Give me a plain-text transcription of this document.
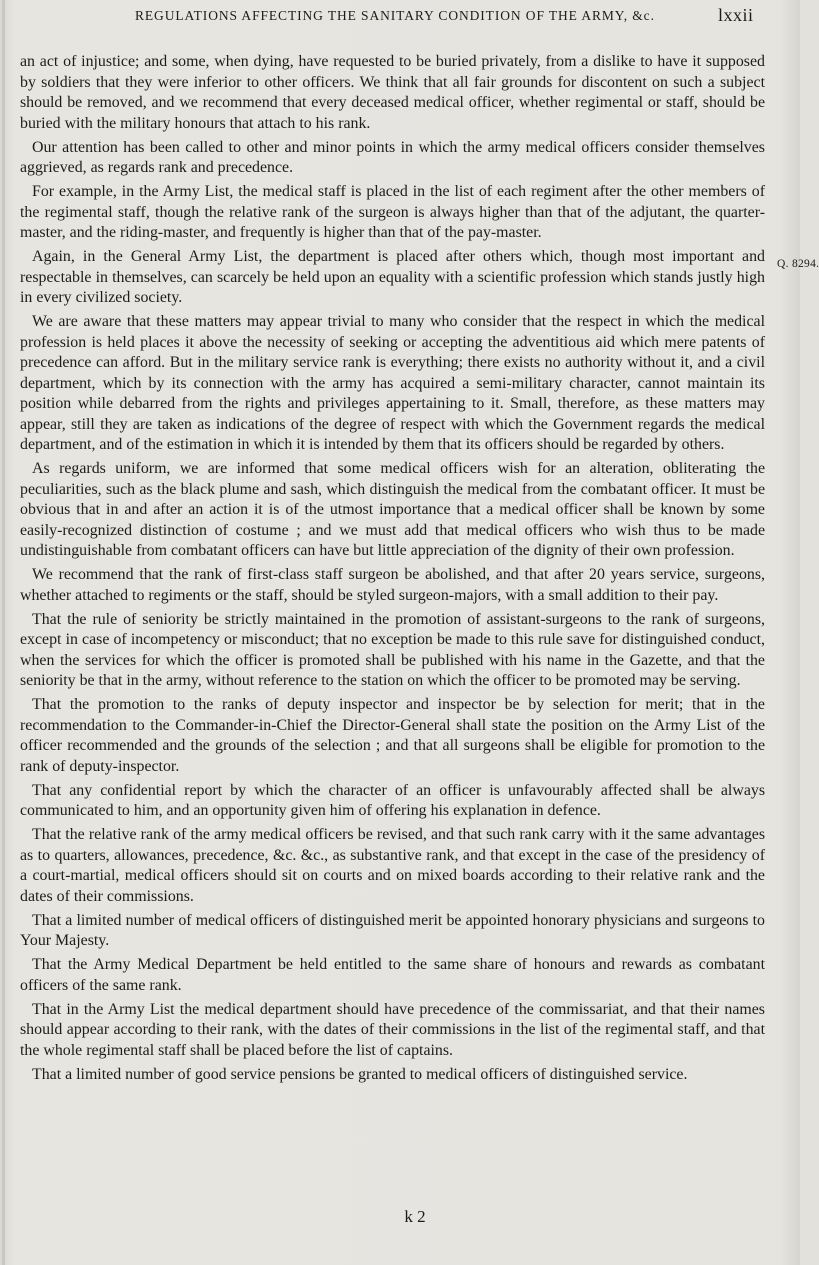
REGULATIONS AFFECTING THE SANITARY CONDITION OF THE ARMY, &c.	lxxii

an act of injustice; and some, when dying, have requested to be buried privately, from a dislike to have it supposed by soldiers that they were inferior to other officers. We think that all fair grounds for discontent on such a subject should be removed, and we recommend that every deceased medical officer, whether regimental or staff, should be buried with the military honours that attach to his rank.

Our attention has been called to other and minor points in which the army medical officers consider themselves aggrieved, as regards rank and precedence.

For example, in the Army List, the medical staff is placed in the list of each regiment after the other members of the regimental staff, though the relative rank of the surgeon is always higher than that of the adjutant, the quarter-master, and the riding-master, and frequently is higher than that of the pay-master.

Again, in the General Army List, the department is placed after others which, though most important and respectable in themselves, can scarcely be held upon an equality with a scientific profession which stands justly high in every civilized society.

We are aware that these matters may appear trivial to many who consider that the respect in which the medical profession is held places it above the necessity of seeking or accepting the adventitious aid which mere patents of precedence can afford. But in the military service rank is everything; there exists no authority without it, and a civil department, which by its connection with the army has acquired a semi-military character, cannot maintain its position while debarred from the rights and privileges appertaining to it. Small, therefore, as these matters may appear, still they are taken as indications of the degree of respect with which the Government regards the medical department, and of the estimation in which it is intended by them that its officers should be regarded by others.

As regards uniform, we are informed that some medical officers wish for an alteration, obliterating the peculiarities, such as the black plume and sash, which distinguish the medical from the combatant officer. It must be obvious that in and after an action it is of the utmost importance that a medical officer shall be known by some easily-recognized distinction of costume ; and we must add that medical officers who wish thus to be made undistinguishable from combatant officers can have but little appreciation of the dignity of their own profession.

We recommend that the rank of first-class staff surgeon be abolished, and that after 20 years service, surgeons, whether attached to regiments or the staff, should be styled surgeon-majors, with a small addition to their pay.

That the rule of seniority be strictly maintained in the promotion of assistant-surgeons to the rank of surgeons, except in case of incompetency or misconduct; that no exception be made to this rule save for distinguished conduct, when the services for which the officer is promoted shall be published with his name in the Gazette, and that the seniority be that in the army, without reference to the station on which the officer to be promoted may be serving.

That the promotion to the ranks of deputy inspector and inspector be by selection for merit; that in the recommendation to the Commander-in-Chief the Director-General shall state the position on the Army List of the officer recommended and the grounds of the selection ; and that all surgeons shall be eligible for promotion to the rank of deputy-inspector.

That any confidential report by which the character of an officer is unfavourably affected shall be always communicated to him, and an opportunity given him of offering his explanation in defence.

That the relative rank of the army medical officers be revised, and that such rank carry with it the same advantages as to quarters, allowances, precedence, &c. &c., as substantive rank, and that except in the case of the presidency of a court-martial, medical officers should sit on courts and on mixed boards according to their relative rank and the dates of their commissions.

That a limited number of medical officers of distinguished merit be appointed honorary physicians and surgeons to Your Majesty.

That the Army Medical Department be held entitled to the same share of honours and rewards as combatant officers of the same rank.

That in the Army List the medical department should have precedence of the commissariat, and that their names should appear according to their rank, with the dates of their commissions in the list of the regimental staff, and that the whole regimental staff shall be placed before the list of captains.

That a limited number of good service pensions be granted to medical officers of distinguished service.

Q. 8294.
k 2
